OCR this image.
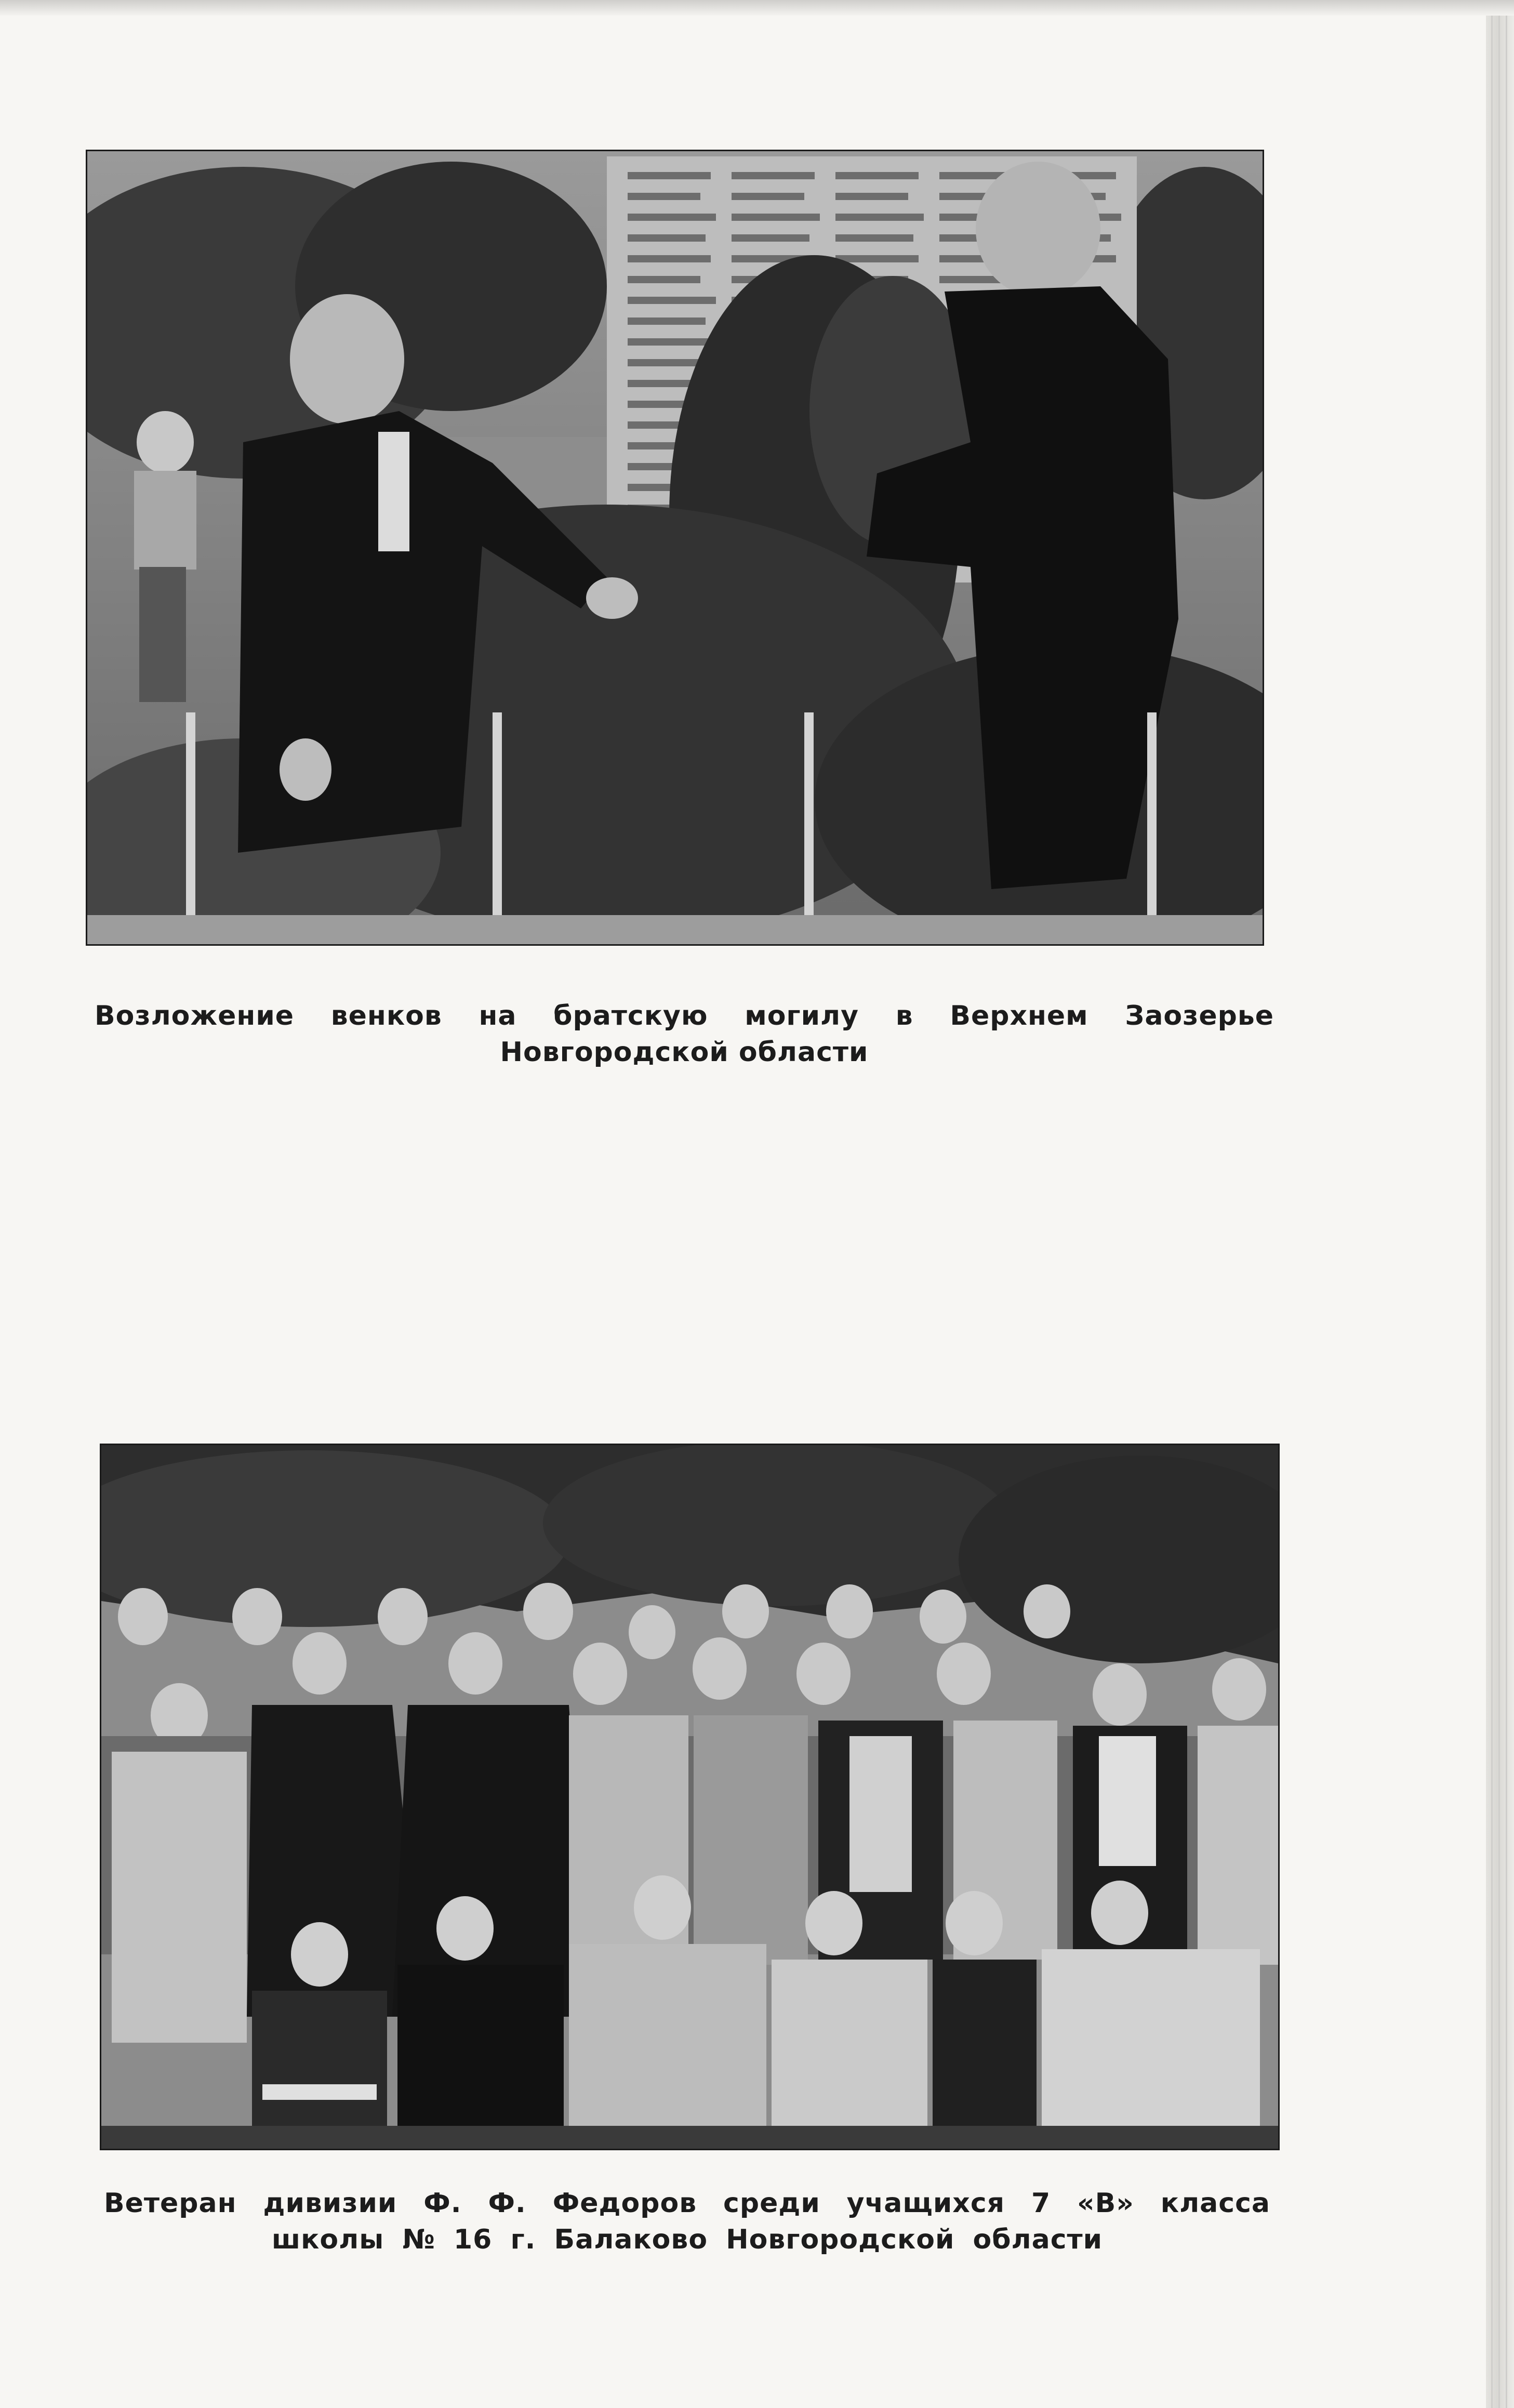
Возложение венков на братскую могилу в Верхнем Заозерье Новгородской области
Ветеран дивизии Ф. Ф. Федоров среди учащихся 7 «В» класса школы № 16 г. Балаково Новгородской области
